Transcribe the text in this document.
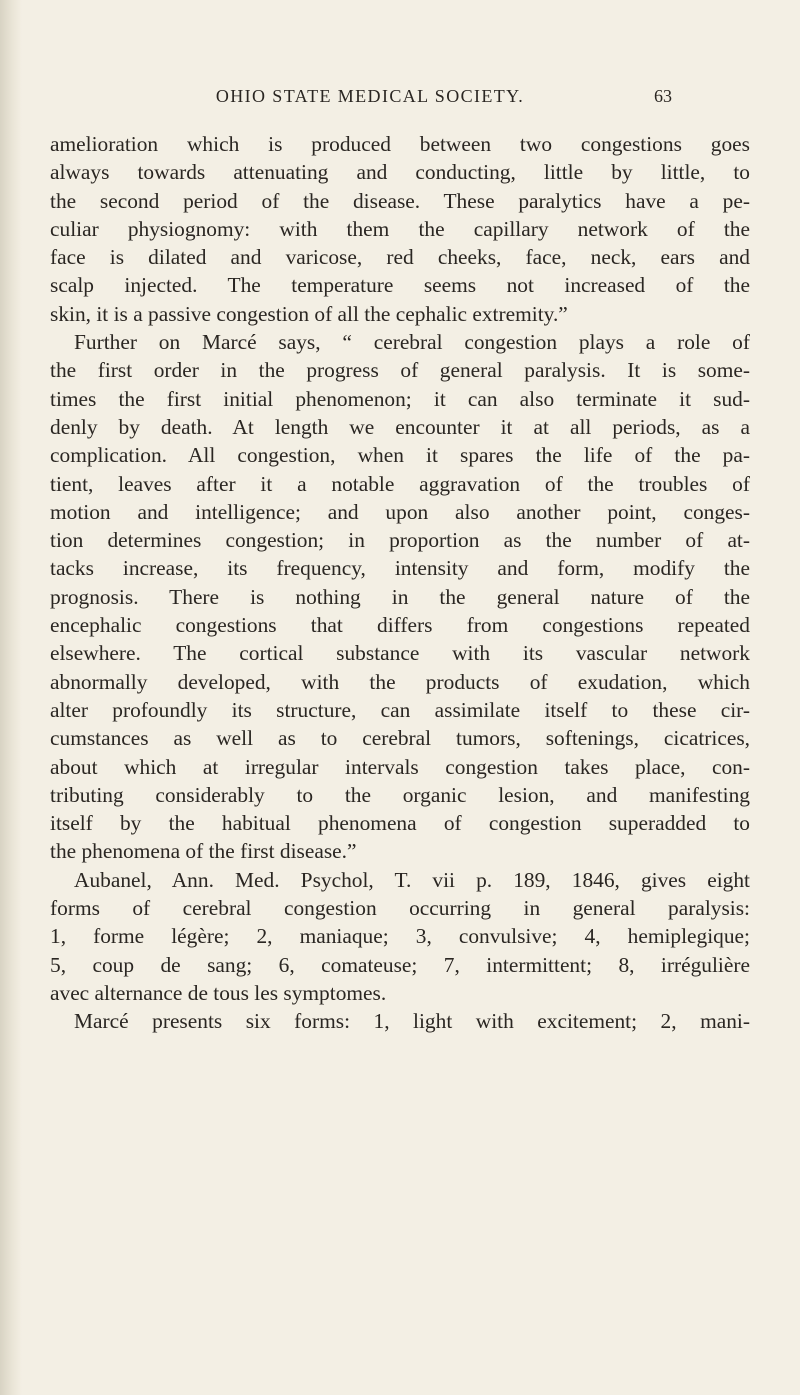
OHIO STATE MEDICAL SOCIETY.	63
amelioration which is produced between two congestions goes
always towards attenuating and conducting, little by little, to
the second period of the disease. These paralytics have a pe-
culiar physiognomy: with them the capillary network of the
face is dilated and varicose, red cheeks, face, neck, ears and
scalp injected. The temperature seems not increased of the
skin, it is a passive congestion of all the cephalic extremity.”
Further on Marcé says, “ cerebral congestion plays a role of
the first order in the progress of general paralysis. It is some-
times the first initial phenomenon; it can also terminate it sud-
denly by death. At length we encounter it at all periods, as a
complication. All congestion, when it spares the life of the pa-
tient, leaves after it a notable aggravation of the troubles of
motion and intelligence; and upon also another point, conges-
tion determines congestion; in proportion as the number of at-
tacks increase, its frequency, intensity and form, modify the
prognosis. There is nothing in the general nature of the
encephalic congestions that differs from congestions repeated
elsewhere. The cortical substance with its vascular network
abnormally developed, with the products of exudation, which
alter profoundly its structure, can assimilate itself to these cir-
cumstances as well as to cerebral tumors, softenings, cicatrices,
about which at irregular intervals congestion takes place, con-
tributing considerably to the organic lesion, and manifesting
itself by the habitual phenomena of congestion superadded to
the phenomena of the first disease.”
Aubanel, Ann. Med. Psychol, T. vii p. 189, 1846, gives eight
forms of cerebral congestion occurring in general paralysis:
1, forme légère; 2, maniaque; 3, convulsive; 4, hemiplegique;
5, coup de sang; 6, comateuse; 7, intermittent; 8, irrégulière
avec alternance de tous les symptomes.
Marcé presents six forms: 1, light with excitement; 2, mani-
